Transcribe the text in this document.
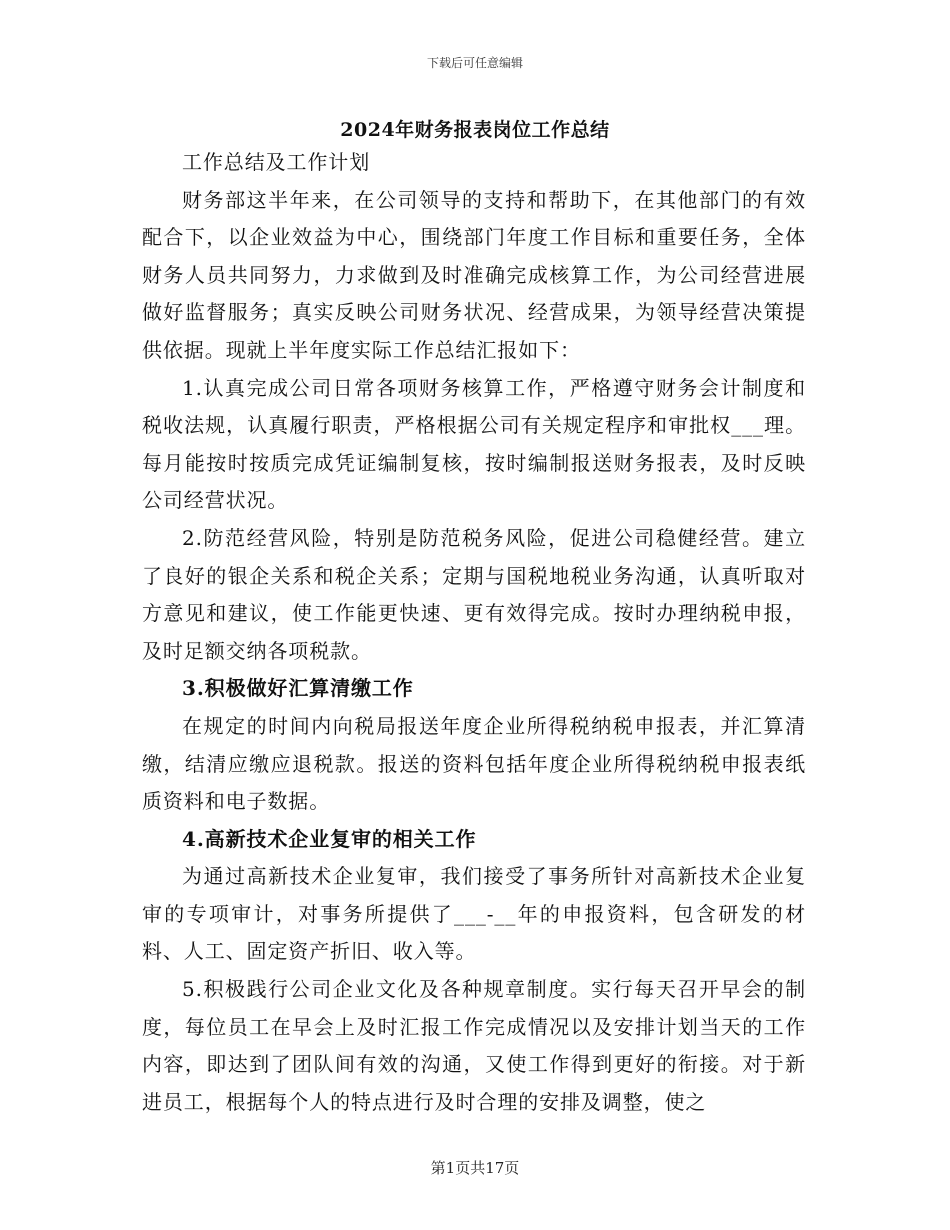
下载后可任意编辑
2024年财务报表岗位工作总结

工作总结及工作计划

财务部这半年来，在公司领导的支持和帮助下，在其他部门的有效配合下，以企业效益为中心，围绕部门年度工作目标和重要任务，全体财务人员共同努力，力求做到及时准确完成核算工作，为公司经营进展做好监督服务；真实反映公司财务状况、经营成果，为领导经营决策提供依据。现就上半年度实际工作总结汇报如下：

1.认真完成公司日常各项财务核算工作，严格遵守财务会计制度和税收法规，认真履行职责，严格根据公司有关规定程序和审批权___理。每月能按时按质完成凭证编制复核，按时编制报送财务报表，及时反映公司经营状况。

2.防范经营风险，特别是防范税务风险，促进公司稳健经营。建立了良好的银企关系和税企关系；定期与国税地税业务沟通，认真听取对方意见和建议，使工作能更快速、更有效得完成。按时办理纳税申报，及时足额交纳各项税款。

3.积极做好汇算清缴工作

在规定的时间内向税局报送年度企业所得税纳税申报表，并汇算清缴，结清应缴应退税款。报送的资料包括年度企业所得税纳税申报表纸质资料和电子数据。

4.高新技术企业复审的相关工作

为通过高新技术企业复审，我们接受了事务所针对高新技术企业复审的专项审计，对事务所提供了___-__年的申报资料，包含研发的材料、人工、固定资产折旧、收入等。

5.积极践行公司企业文化及各种规章制度。实行每天召开早会的制度，每位员工在早会上及时汇报工作完成情况以及安排计划当天的工作内容，即达到了团队间有效的沟通，又使工作得到更好的衔接。对于新进员工，根据每个人的特点进行及时合理的安排及调整，使之

第1页共17页
